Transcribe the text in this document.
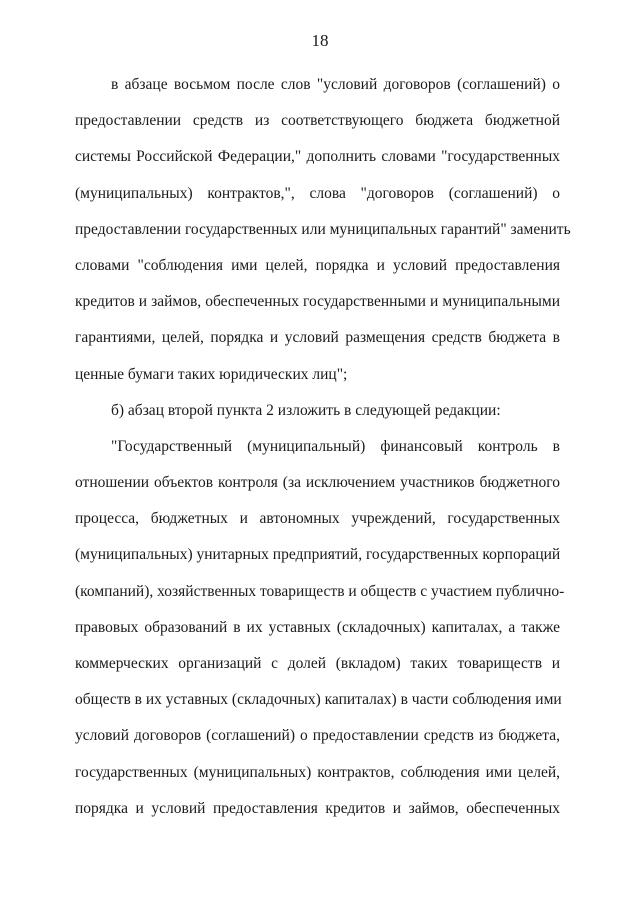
18
в абзаце восьмом после слов "условий договоров (соглашений) о
предоставлении средств из соответствующего бюджета бюджетной
системы Российской Федерации," дополнить словами "государственных
(муниципальных) контрактов,", слова "договоров (соглашений) о
предоставлении государственных или муниципальных гарантий" заменить
словами "соблюдения ими целей, порядка и условий предоставления
кредитов и займов, обеспеченных государственными и муниципальными
гарантиями, целей, порядка и условий размещения средств бюджета в
ценные бумаги таких юридических лиц";
б) абзац второй пункта 2 изложить в следующей редакции:
"Государственный (муниципальный) финансовый контроль в
отношении объектов контроля (за исключением участников бюджетного
процесса, бюджетных и автономных учреждений, государственных
(муниципальных) унитарных предприятий, государственных корпораций
(компаний), хозяйственных товариществ и обществ с участием публично-
правовых образований в их уставных (складочных) капиталах, а также
коммерческих организаций с долей (вкладом) таких товариществ и
обществ в их уставных (складочных) капиталах) в части соблюдения ими
условий договоров (соглашений) о предоставлении средств из бюджета,
государственных (муниципальных) контрактов, соблюдения ими целей,
порядка и условий предоставления кредитов и займов, обеспеченных
